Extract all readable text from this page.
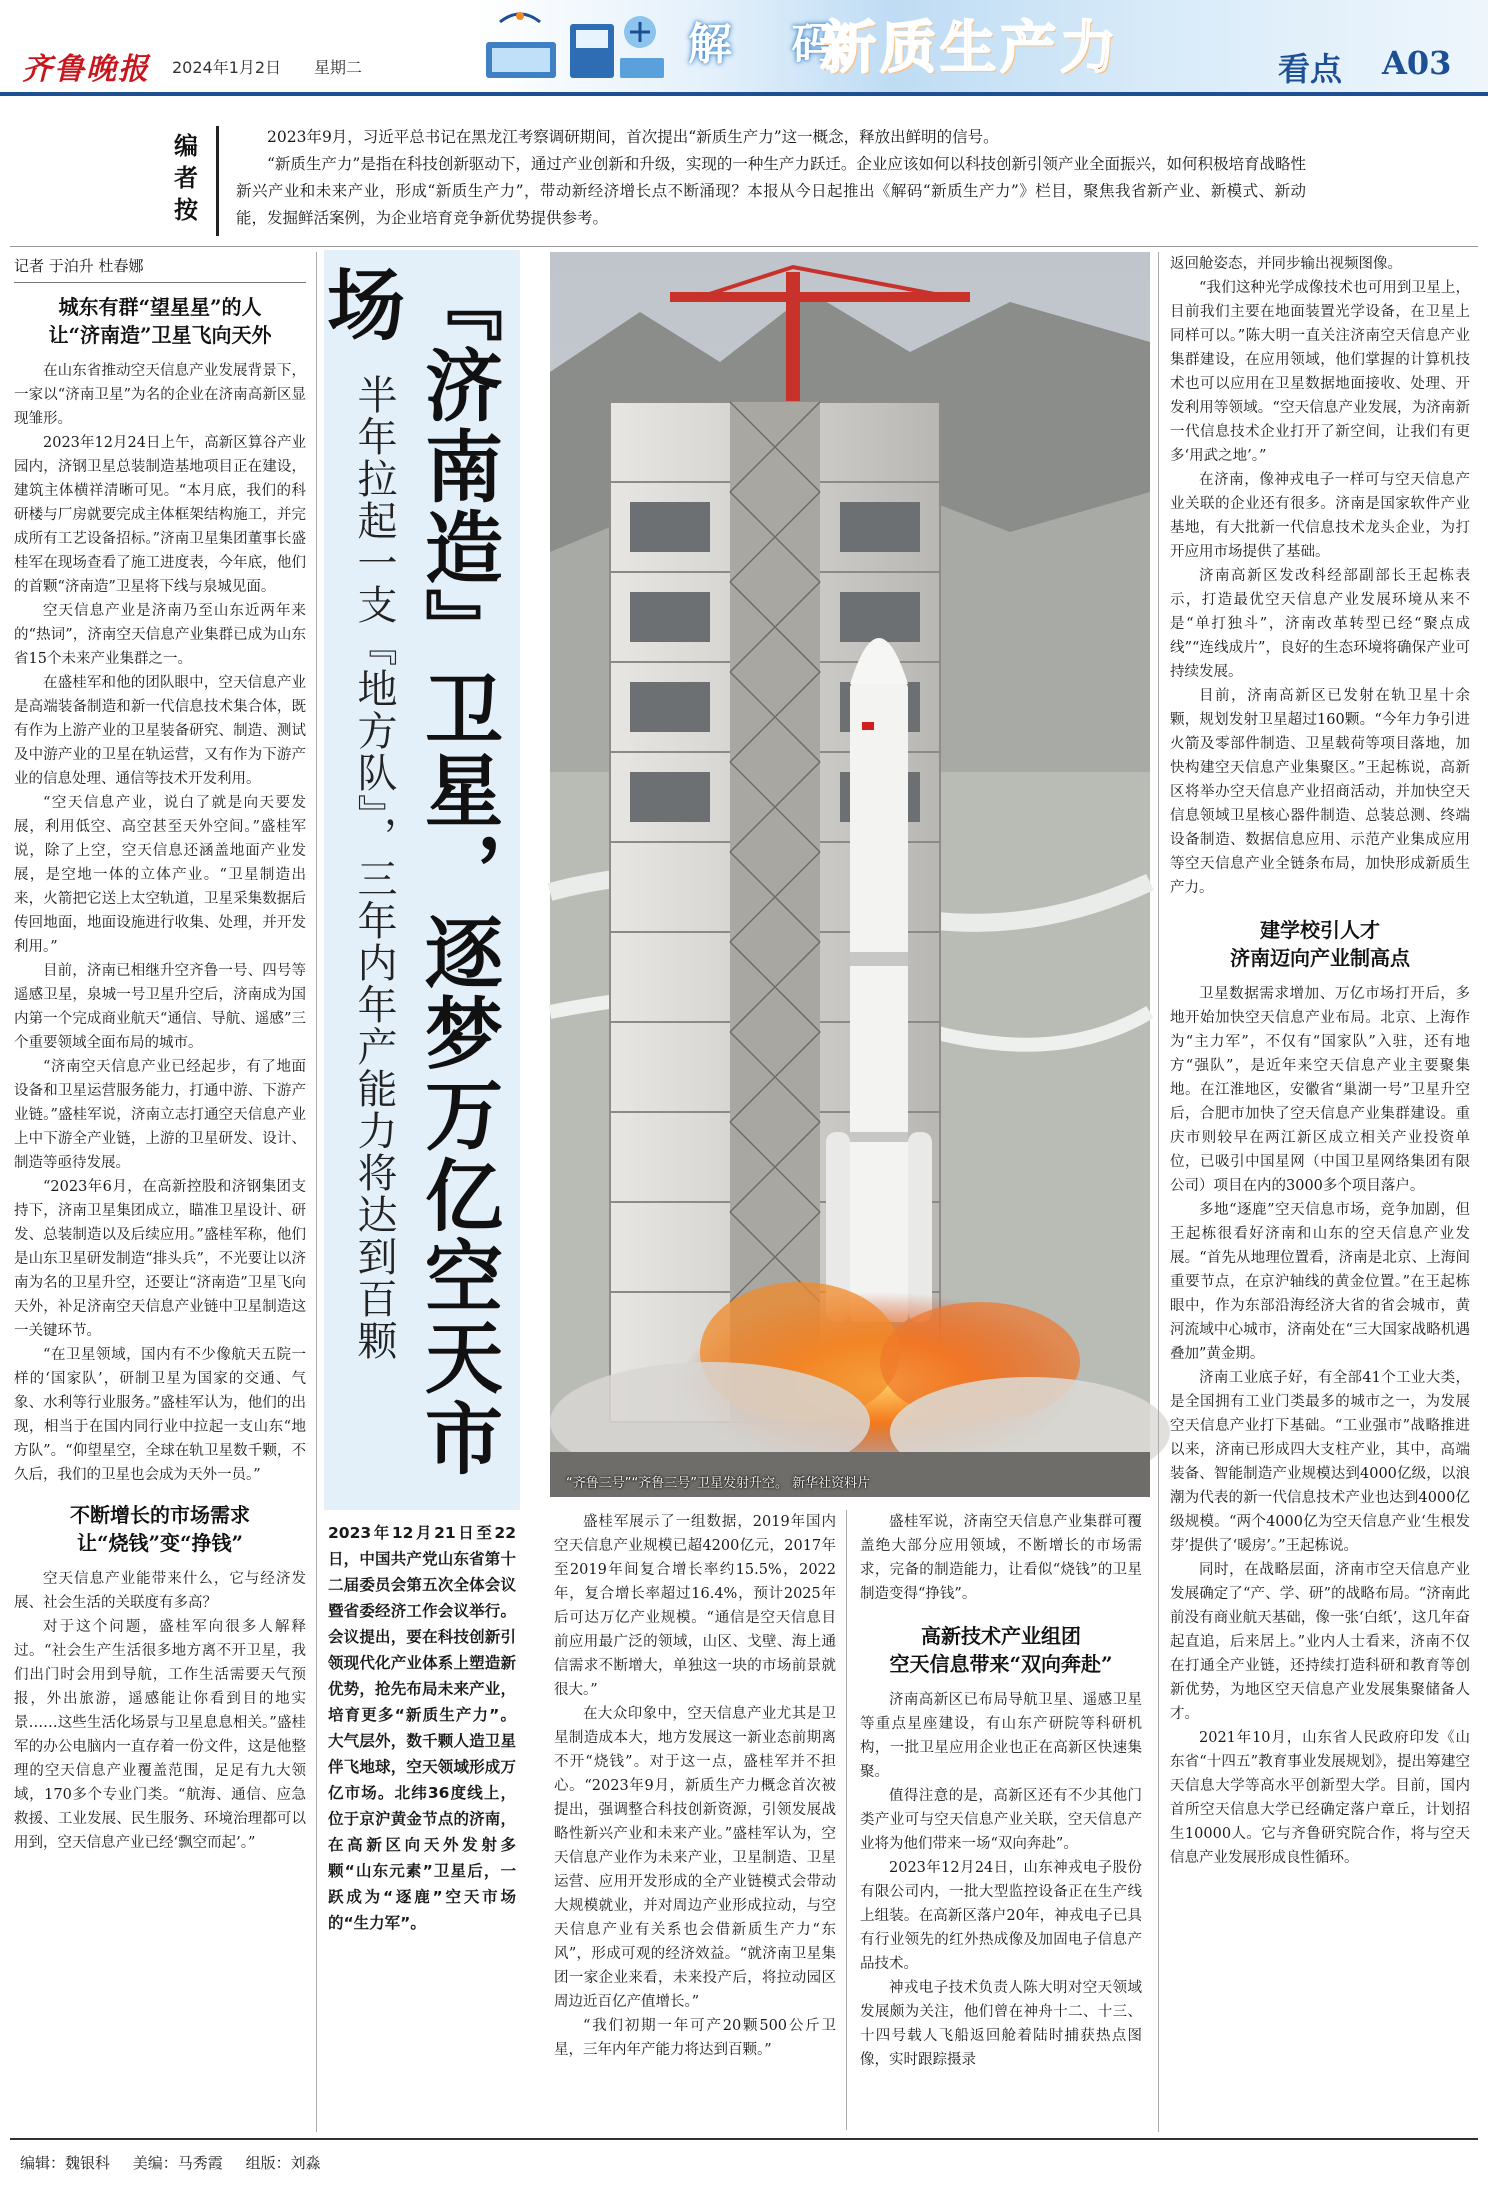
齐鲁晚报 2024年1月2日 星期二	解 码
新质生产力	看点 A03
编者按

2023年9月，习近平总书记在黑龙江考察调研期间，首次提出“新质生产力”这一概念，释放出鲜明的信号。

“新质生产力”是指在科技创新驱动下，通过产业创新和升级，实现的一种生产力跃迁。企业应该如何以科技创新引领产业全面振兴，如何积极培育战略性新兴产业和未来产业，形成“新质生产力”，带动新经济增长点不断涌现？本报从今日起推出《解码“新质生产力”》栏目，聚焦我省新产业、新模式、新动能，发掘鲜活案例，为企业培育竞争新优势提供参考。

记者 于泊升 杜春娜
城东有群“望星星”的人
让“济南造”卫星飞向天外

在山东省推动空天信息产业发展背景下，一家以“济南卫星”为名的企业在济南高新区显现雏形。

2023年12月24日上午，高新区算谷产业园内，济钢卫星总装制造基地项目正在建设，建筑主体横祥清晰可见。“本月底，我们的科研楼与厂房就要完成主体框架结构施工，并完成所有工艺设备招标。”济南卫星集团董事长盛桂军在现场查看了施工进度表，今年底，他们的首颗“济南造”卫星将下线与泉城见面。

空天信息产业是济南乃至山东近两年来的“热词”，济南空天信息产业集群已成为山东省15个未来产业集群之一。

在盛桂军和他的团队眼中，空天信息产业是高端装备制造和新一代信息技术集合体，既有作为上游产业的卫星装备研究、制造、测试及中游产业的卫星在轨运营，又有作为下游产业的信息处理、通信等技术开发利用。

“空天信息产业，说白了就是向天要发展，利用低空、高空甚至天外空间。”盛桂军说，除了上空，空天信息还涵盖地面产业发展，是空地一体的立体产业。“卫星制造出来，火箭把它送上太空轨道，卫星采集数据后传回地面，地面设施进行收集、处理，并开发利用。”

目前，济南已相继升空齐鲁一号、四号等遥感卫星，泉城一号卫星升空后，济南成为国内第一个完成商业航天“通信、导航、遥感”三个重要领域全面布局的城市。

“济南空天信息产业已经起步，有了地面设备和卫星运营服务能力，打通中游、下游产业链。”盛桂军说，济南立志打通空天信息产业上中下游全产业链，上游的卫星研发、设计、制造等亟待发展。

“2023年6月，在高新控股和济钢集团支持下，济南卫星集团成立，瞄准卫星设计、研发、总装制造以及后续应用。”盛桂军称，他们是山东卫星研发制造“排头兵”，不光要让以济南为名的卫星升空，还要让“济南造”卫星飞向天外，补足济南空天信息产业链中卫星制造这一关键环节。

“在卫星领域，国内有不少像航天五院一样的‘国家队’，研制卫星为国家的交通、气象、水利等行业服务。”盛桂军认为，他们的出现，相当于在国内同行业中拉起一支山东“地方队”。“仰望星空，全球在轨卫星数千颗，不久后，我们的卫星也会成为天外一员。”

不断增长的市场需求
让“烧钱”变“挣钱”

空天信息产业能带来什么，它与经济发展、社会生活的关联度有多高？

对于这个问题，盛桂军向很多人解释过。“社会生产生活很多地方离不开卫星，我们出门时会用到导航，工作生活需要天气预报，外出旅游，遥感能让你看到目的地实景……这些生活化场景与卫星息息相关。”盛桂军的办公电脑内一直存着一份文件，这是他整理的空天信息产业覆盖范围，足足有九大领域，170多个专业门类。“航海、通信、应急救援、工业发展、民生服务、环境治理都可以用到，空天信息产业已经‘飘空而起’。”

『济南造』卫星，逐梦万亿空天市场
半年拉起一支『地方队』，三年内年产能力将达到百颗
2023年12月21日至22日，中国共产党山东省第十二届委员会第五次全体会议暨省委经济工作会议举行。会议提出，要在科技创新引领现代化产业体系上塑造新优势，抢先布局未来产业，培育更多“新质生产力”。大气层外，数千颗人造卫星伴飞地球，空天领域形成万亿市场。北纬36度线上，位于京沪黄金节点的济南，在高新区向天外发射多颗“山东元素”卫星后，一跃成为“逐鹿”空天市场的“生力军”。
“齐鲁三号”“齐鲁三号”卫星发射升空。 新华社资料片

盛桂军展示了一组数据，2019年国内空天信息产业规模已超4200亿元，2017年至2019年间复合增长率约15.5%，2022年，复合增长率超过16.4%，预计2025年后可达万亿产业规模。“通信是空天信息目前应用最广泛的领域，山区、戈壁、海上通信需求不断增大，单独这一块的市场前景就很大。”

在大众印象中，空天信息产业尤其是卫星制造成本大，地方发展这一新业态前期离不开“烧钱”。对于这一点，盛桂军并不担心。“2023年9月，新质生产力概念首次被提出，强调整合科技创新资源，引领发展战略性新兴产业和未来产业。”盛桂军认为，空天信息产业作为未来产业，卫星制造、卫星运营、应用开发形成的全产业链模式会带动大规模就业，并对周边产业形成拉动，与空天信息产业有关系也会借新质生产力“东风”，形成可观的经济效益。“就济南卫星集团一家企业来看，未来投产后，将拉动园区周边近百亿产值增长。”

“我们初期一年可产20颗500公斤卫星，三年内年产能力将达到百颗。”

盛桂军说，济南空天信息产业集群可覆盖绝大部分应用领域，不断增长的市场需求，完备的制造能力，让看似“烧钱”的卫星制造变得“挣钱”。

高新技术产业组团
空天信息带来“双向奔赴”

济南高新区已布局导航卫星、遥感卫星等重点星座建设，有山东产研院等科研机构，一批卫星应用企业也正在高新区快速集聚。

值得注意的是，高新区还有不少其他门类产业可与空天信息产业关联，空天信息产业将为他们带来一场“双向奔赴”。

2023年12月24日，山东神戎电子股份有限公司内，一批大型监控设备正在生产线上组装。在高新区落户20年，神戎电子已具有行业领先的红外热成像及加固电子信息产品技术。

神戎电子技术负责人陈大明对空天领域发展颇为关注，他们曾在神舟十二、十三、十四号载人飞船返回舱着陆时捕获热点图像，实时跟踪摄录

返回舱姿态，并同步输出视频图像。

“我们这种光学成像技术也可用到卫星上，目前我们主要在地面装置光学设备，在卫星上同样可以。”陈大明一直关注济南空天信息产业集群建设，在应用领域，他们掌握的计算机技术也可以应用在卫星数据地面接收、处理、开发利用等领域。“空天信息产业发展，为济南新一代信息技术企业打开了新空间，让我们有更多‘用武之地’。”

在济南，像神戎电子一样可与空天信息产业关联的企业还有很多。济南是国家软件产业基地，有大批新一代信息技术龙头企业，为打开应用市场提供了基础。

济南高新区发改科经部副部长王起栋表示，打造最优空天信息产业发展环境从来不是“单打独斗”，济南改革转型已经“聚点成线”“连线成片”，良好的生态环境将确保产业可持续发展。

目前，济南高新区已发射在轨卫星十余颗，规划发射卫星超过160颗。“今年力争引进火箭及零部件制造、卫星载荷等项目落地，加快构建空天信息产业集聚区。”王起栋说，高新区将举办空天信息产业招商活动，并加快空天信息领域卫星核心器件制造、总装总测、终端设备制造、数据信息应用、示范产业集成应用等空天信息产业全链条布局，加快形成新质生产力。

建学校引人才
济南迈向产业制高点

卫星数据需求增加、万亿市场打开后，多地开始加快空天信息产业布局。北京、上海作为“主力军”，不仅有“国家队”入驻，还有地方“强队”，是近年来空天信息产业主要聚集地。在江淮地区，安徽省“巢湖一号”卫星升空后，合肥市加快了空天信息产业集群建设。重庆市则较早在两江新区成立相关产业投资单位，已吸引中国星网（中国卫星网络集团有限公司）项目在内的3000多个项目落户。

多地“逐鹿”空天信息市场，竞争加剧，但王起栋很看好济南和山东的空天信息产业发展。“首先从地理位置看，济南是北京、上海间重要节点，在京沪轴线的黄金位置。”在王起栋眼中，作为东部沿海经济大省的省会城市，黄河流域中心城市，济南处在“三大国家战略机遇叠加”黄金期。

济南工业底子好，有全部41个工业大类，是全国拥有工业门类最多的城市之一，为发展空天信息产业打下基础。“工业强市”战略推进以来，济南已形成四大支柱产业，其中，高端装备、智能制造产业规模达到4000亿级，以浪潮为代表的新一代信息技术产业也达到4000亿级规模。“两个4000亿为空天信息产业‘生根发芽’提供了‘暖房’。”王起栋说。

同时，在战略层面，济南市空天信息产业发展确定了“产、学、研”的战略布局。“济南此前没有商业航天基础，像一张‘白纸’，这几年奋起直追，后来居上。”业内人士看来，济南不仅在打通全产业链，还持续打造科研和教育等创新优势，为地区空天信息产业发展集聚储备人才。

2021年10月，山东省人民政府印发《山东省“十四五”教育事业发展规划》，提出筹建空天信息大学等高水平创新型大学。目前，国内首所空天信息大学已经确定落户章丘，计划招生10000人。它与齐鲁研究院合作，将与空天信息产业发展形成良性循环。

编辑：魏银科 美编：马秀霞 组版：刘淼
